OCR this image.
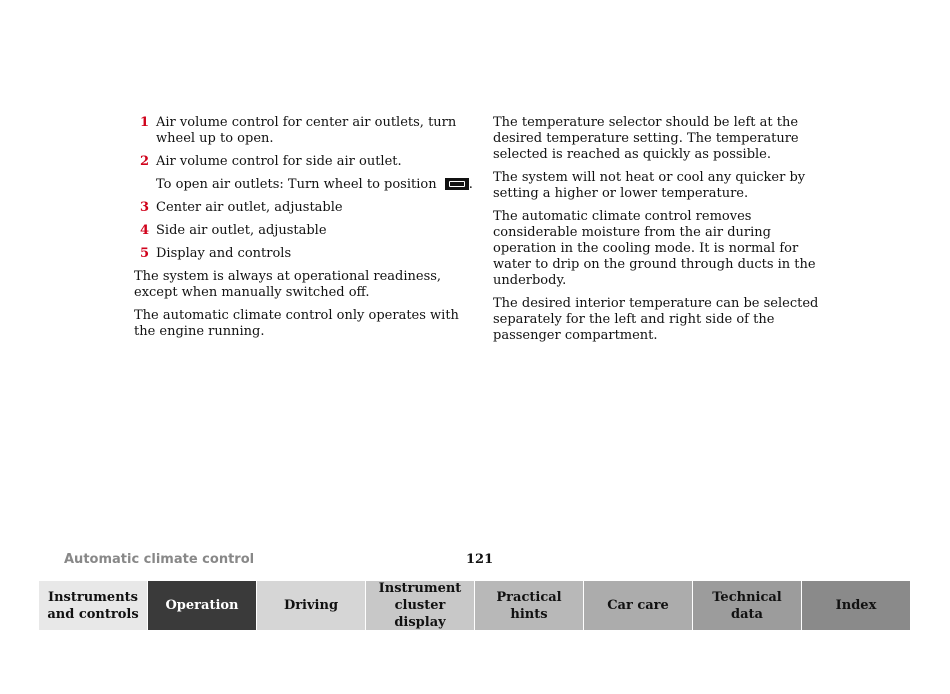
1 Air volume control for center air outlets, turn wheel up to open.
2 Air volume control for side air outlet.
To open air outlets: Turn wheel to position .
3 Center air outlet, adjustable
4 Side air outlet, adjustable
5 Display and controls

The system is always at operational readiness, except when manually switched off.

The automatic climate control only operates with the engine running.

The temperature selector should be left at the desired temperature setting. The temperature selected is reached as quickly as possible.

The system will not heat or cool any quicker by setting a higher or lower temperature.

The automatic climate control removes considerable moisture from the air during operation in the cooling mode. It is normal for water to drip on the ground through ducts in the underbody.

The desired interior temperature can be selected separately for the left and right side of the passenger compartment.

Automatic climate control	121
Instruments and controls
Operation	Driving
Instrument cluster display
Practical hints
Car care
Technical data
Index
